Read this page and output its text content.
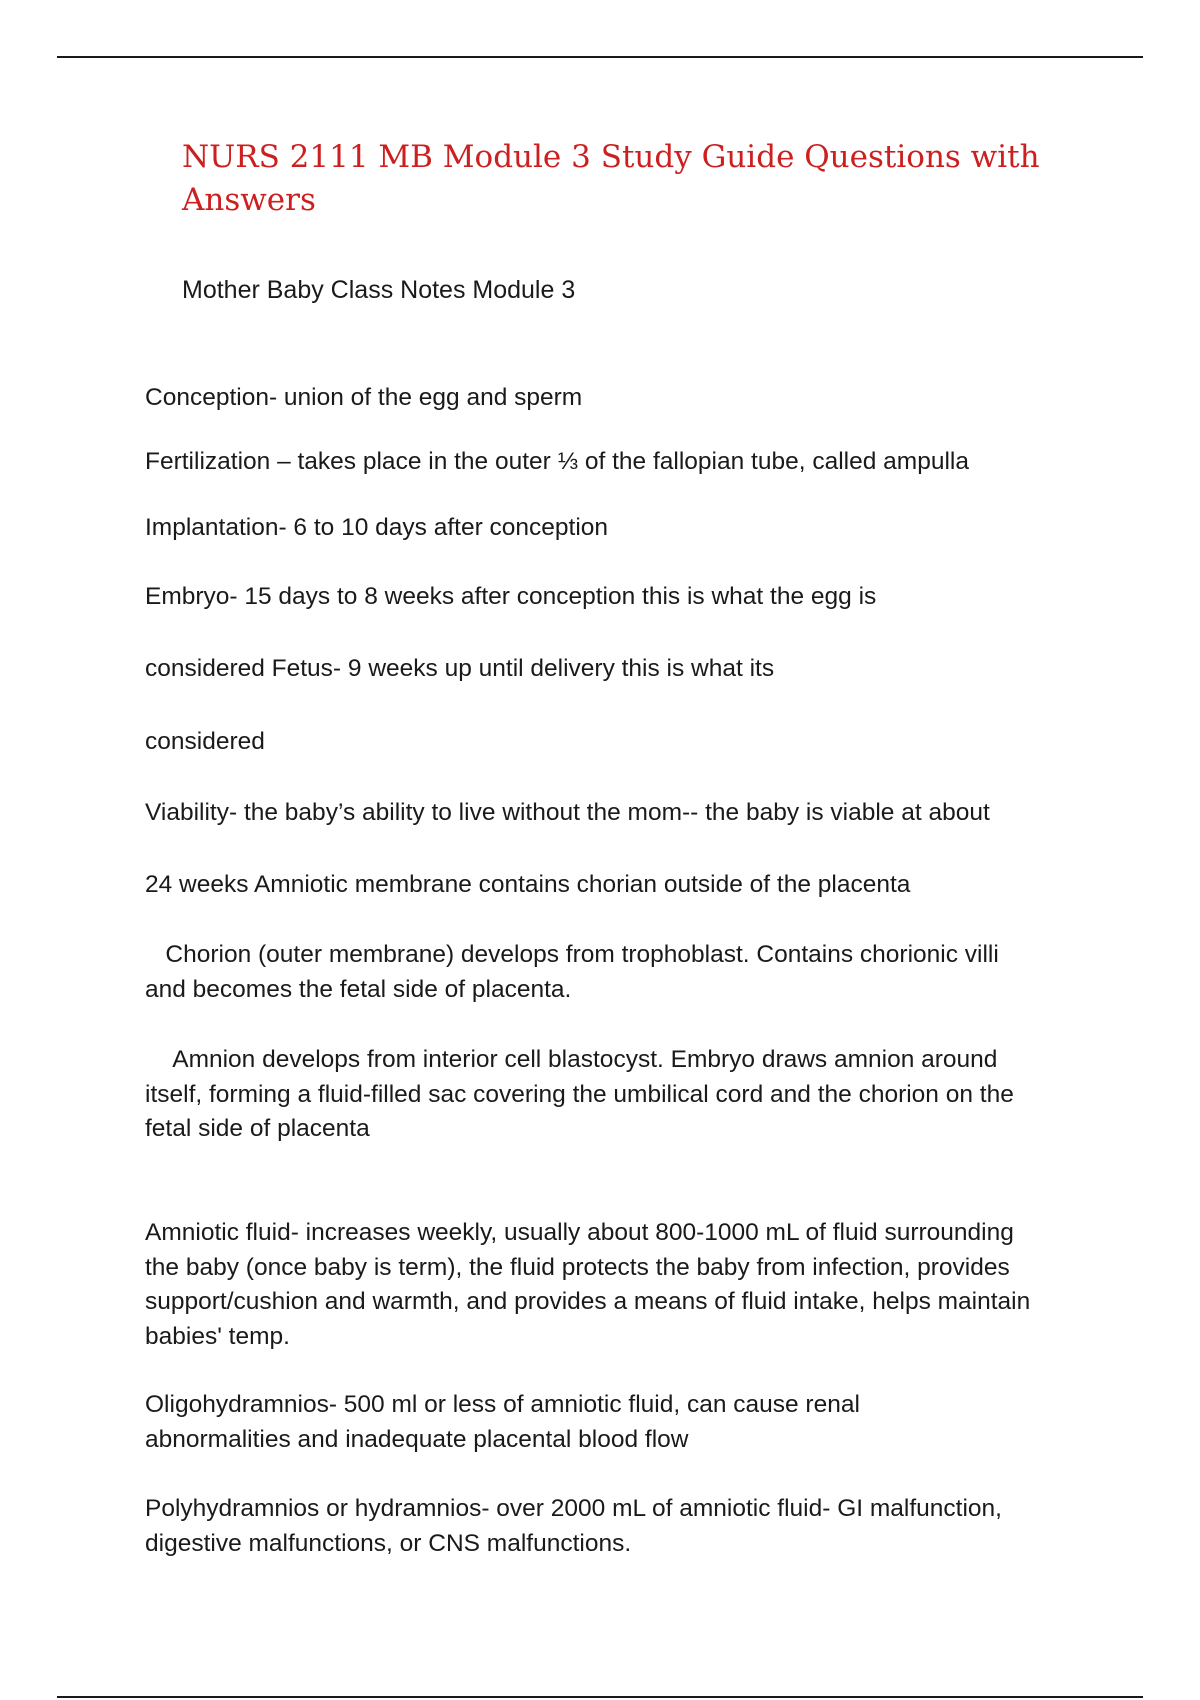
NURS 2111 MB Module 3 Study Guide Questions with Answers

Mother Baby Class Notes Module 3

Conception- union of the egg and sperm

Fertilization – takes place in the outer ⅓ of the fallopian tube, called ampulla

Implantation- 6 to 10 days after conception

Embryo- 15 days to 8 weeks after conception this is what the egg is

considered Fetus- 9 weeks up until delivery this is what its

considered

Viability- the baby’s ability to live without the mom-- the baby is viable at about

24 weeks Amniotic membrane contains chorian outside of the placenta

Chorion (outer membrane) develops from trophoblast. Contains chorionic villi
and becomes the fetal side of placenta.

Amnion develops from interior cell blastocyst. Embryo draws amnion around
itself, forming a fluid-filled sac covering the umbilical cord and the chorion on the
fetal side of placenta

Amniotic fluid- increases weekly, usually about 800-1000 mL of fluid surrounding
the baby (once baby is term), the fluid protects the baby from infection, provides
support/cushion and warmth, and provides a means of fluid intake, helps maintain
babies' temp.

Oligohydramnios- 500 ml or less of amniotic fluid, can cause renal
abnormalities and inadequate placental blood flow

Polyhydramnios or hydramnios- over 2000 mL of amniotic fluid- GI malfunction,
digestive malfunctions, or CNS malfunctions.
